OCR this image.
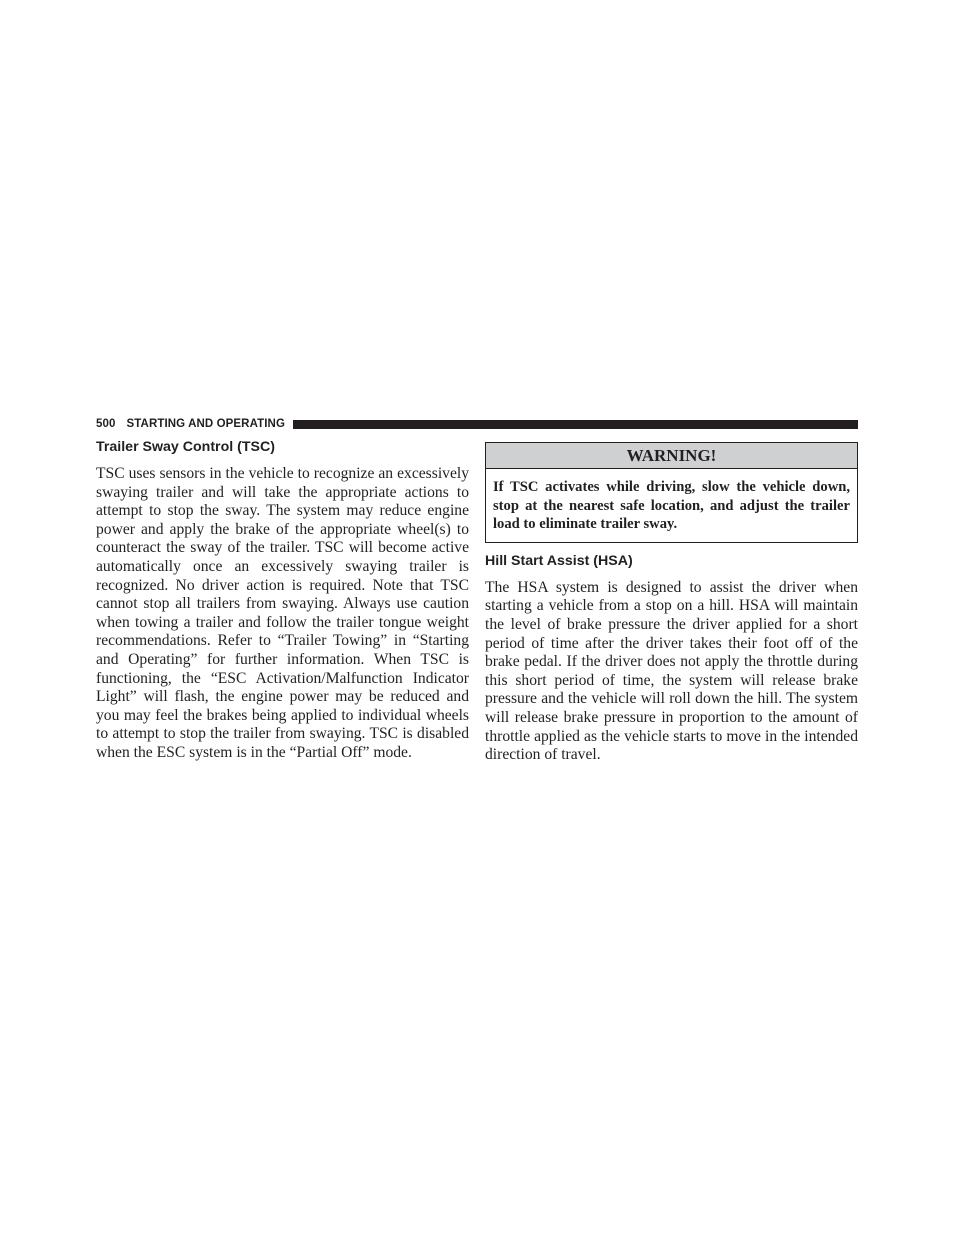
500 STARTING AND OPERATING
Trailer Sway Control (TSC)

TSC uses sensors in the vehicle to recognize an excessively swaying trailer and will take the appropriate actions to attempt to stop the sway. The system may reduce engine power and apply the brake of the appropriate wheel(s) to counteract the sway of the trailer. TSC will become active automatically once an excessively swaying trailer is recognized. No driver action is required. Note that TSC cannot stop all trailers from swaying. Always use caution when towing a trailer and follow the trailer tongue weight recommendations. Refer to “Trailer Towing” in “Starting and Operating” for further information. When TSC is functioning, the “ESC Activation/Malfunction Indicator Light” will flash, the engine power may be reduced and you may feel the brakes being applied to individual wheels to attempt to stop the trailer from swaying. TSC is disabled when the ESC system is in the “Partial Off” mode.

WARNING!
If TSC activates while driving, slow the vehicle down, stop at the nearest safe location, and adjust the trailer load to eliminate trailer sway.
Hill Start Assist (HSA)

The HSA system is designed to assist the driver when starting a vehicle from a stop on a hill. HSA will maintain the level of brake pressure the driver applied for a short period of time after the driver takes their foot off of the brake pedal. If the driver does not apply the throttle during this short period of time, the system will release brake pressure and the vehicle will roll down the hill. The system will release brake pressure in proportion to the amount of throttle applied as the vehicle starts to move in the intended direction of travel.
